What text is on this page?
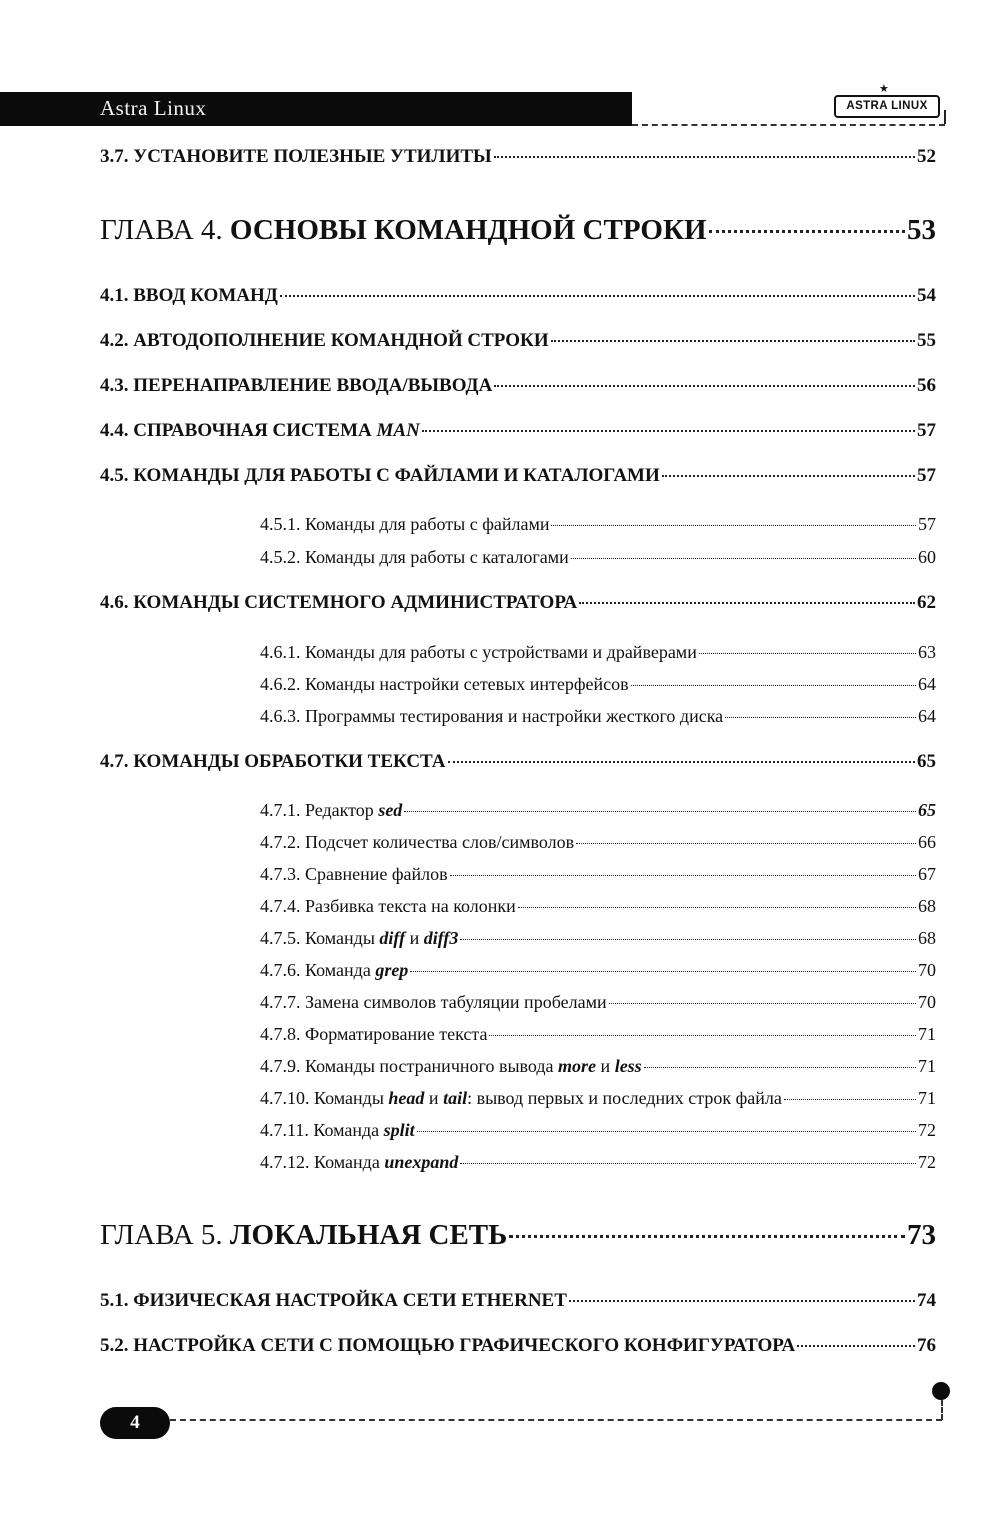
Astra Linux	ASTRA LINUX
★
3.7. УСТАНОВИТЕ ПОЛЕЗНЫЕ УТИЛИТЫ	52
ГЛАВА 4. ОСНОВЫ КОМАНДНОЙ СТРОКИ	53
4.1. ВВОД КОМАНД	54
4.2. АВТОДОПОЛНЕНИЕ КОМАНДНОЙ СТРОКИ	55
4.3. ПЕРЕНАПРАВЛЕНИЕ ВВОДА/ВЫВОДА	56
4.4. СПРАВОЧНАЯ СИСТЕМА MAN	57
4.5. КОМАНДЫ ДЛЯ РАБОТЫ С ФАЙЛАМИ И КАТАЛОГАМИ	57
4.5.1. Команды для работы с файлами	57
4.5.2. Команды для работы с каталогами	60
4.6. КОМАНДЫ СИСТЕМНОГО АДМИНИСТРАТОРА	62
4.6.1. Команды для работы с устройствами и драйверами	63
4.6.2. Команды настройки сетевых интерфейсов	64
4.6.3. Программы тестирования и настройки жесткого диска	64
4.7. КОМАНДЫ ОБРАБОТКИ ТЕКСТА	65
4.7.1. Редактор sed	65
4.7.2. Подсчет количества слов/символов	66
4.7.3. Сравнение файлов	67
4.7.4. Разбивка текста на колонки	68
4.7.5. Команды diff и diff3	68
4.7.6. Команда grep	70
4.7.7. Замена символов табуляции пробелами	70
4.7.8. Форматирование текста	71
4.7.9. Команды постраничного вывода more и less	71
4.7.10. Команды head и tail: вывод первых и последних строк файла	71
4.7.11. Команда split	72
4.7.12. Команда unexpand	72
ГЛАВА 5. ЛОКАЛЬНАЯ СЕТЬ	73
5.1. ФИЗИЧЕСКАЯ НАСТРОЙКА СЕТИ ETHERNET	74
5.2. НАСТРОЙКА СЕТИ С ПОМОЩЬЮ ГРАФИЧЕСКОГО КОНФИГУРАТОРА	76
4
